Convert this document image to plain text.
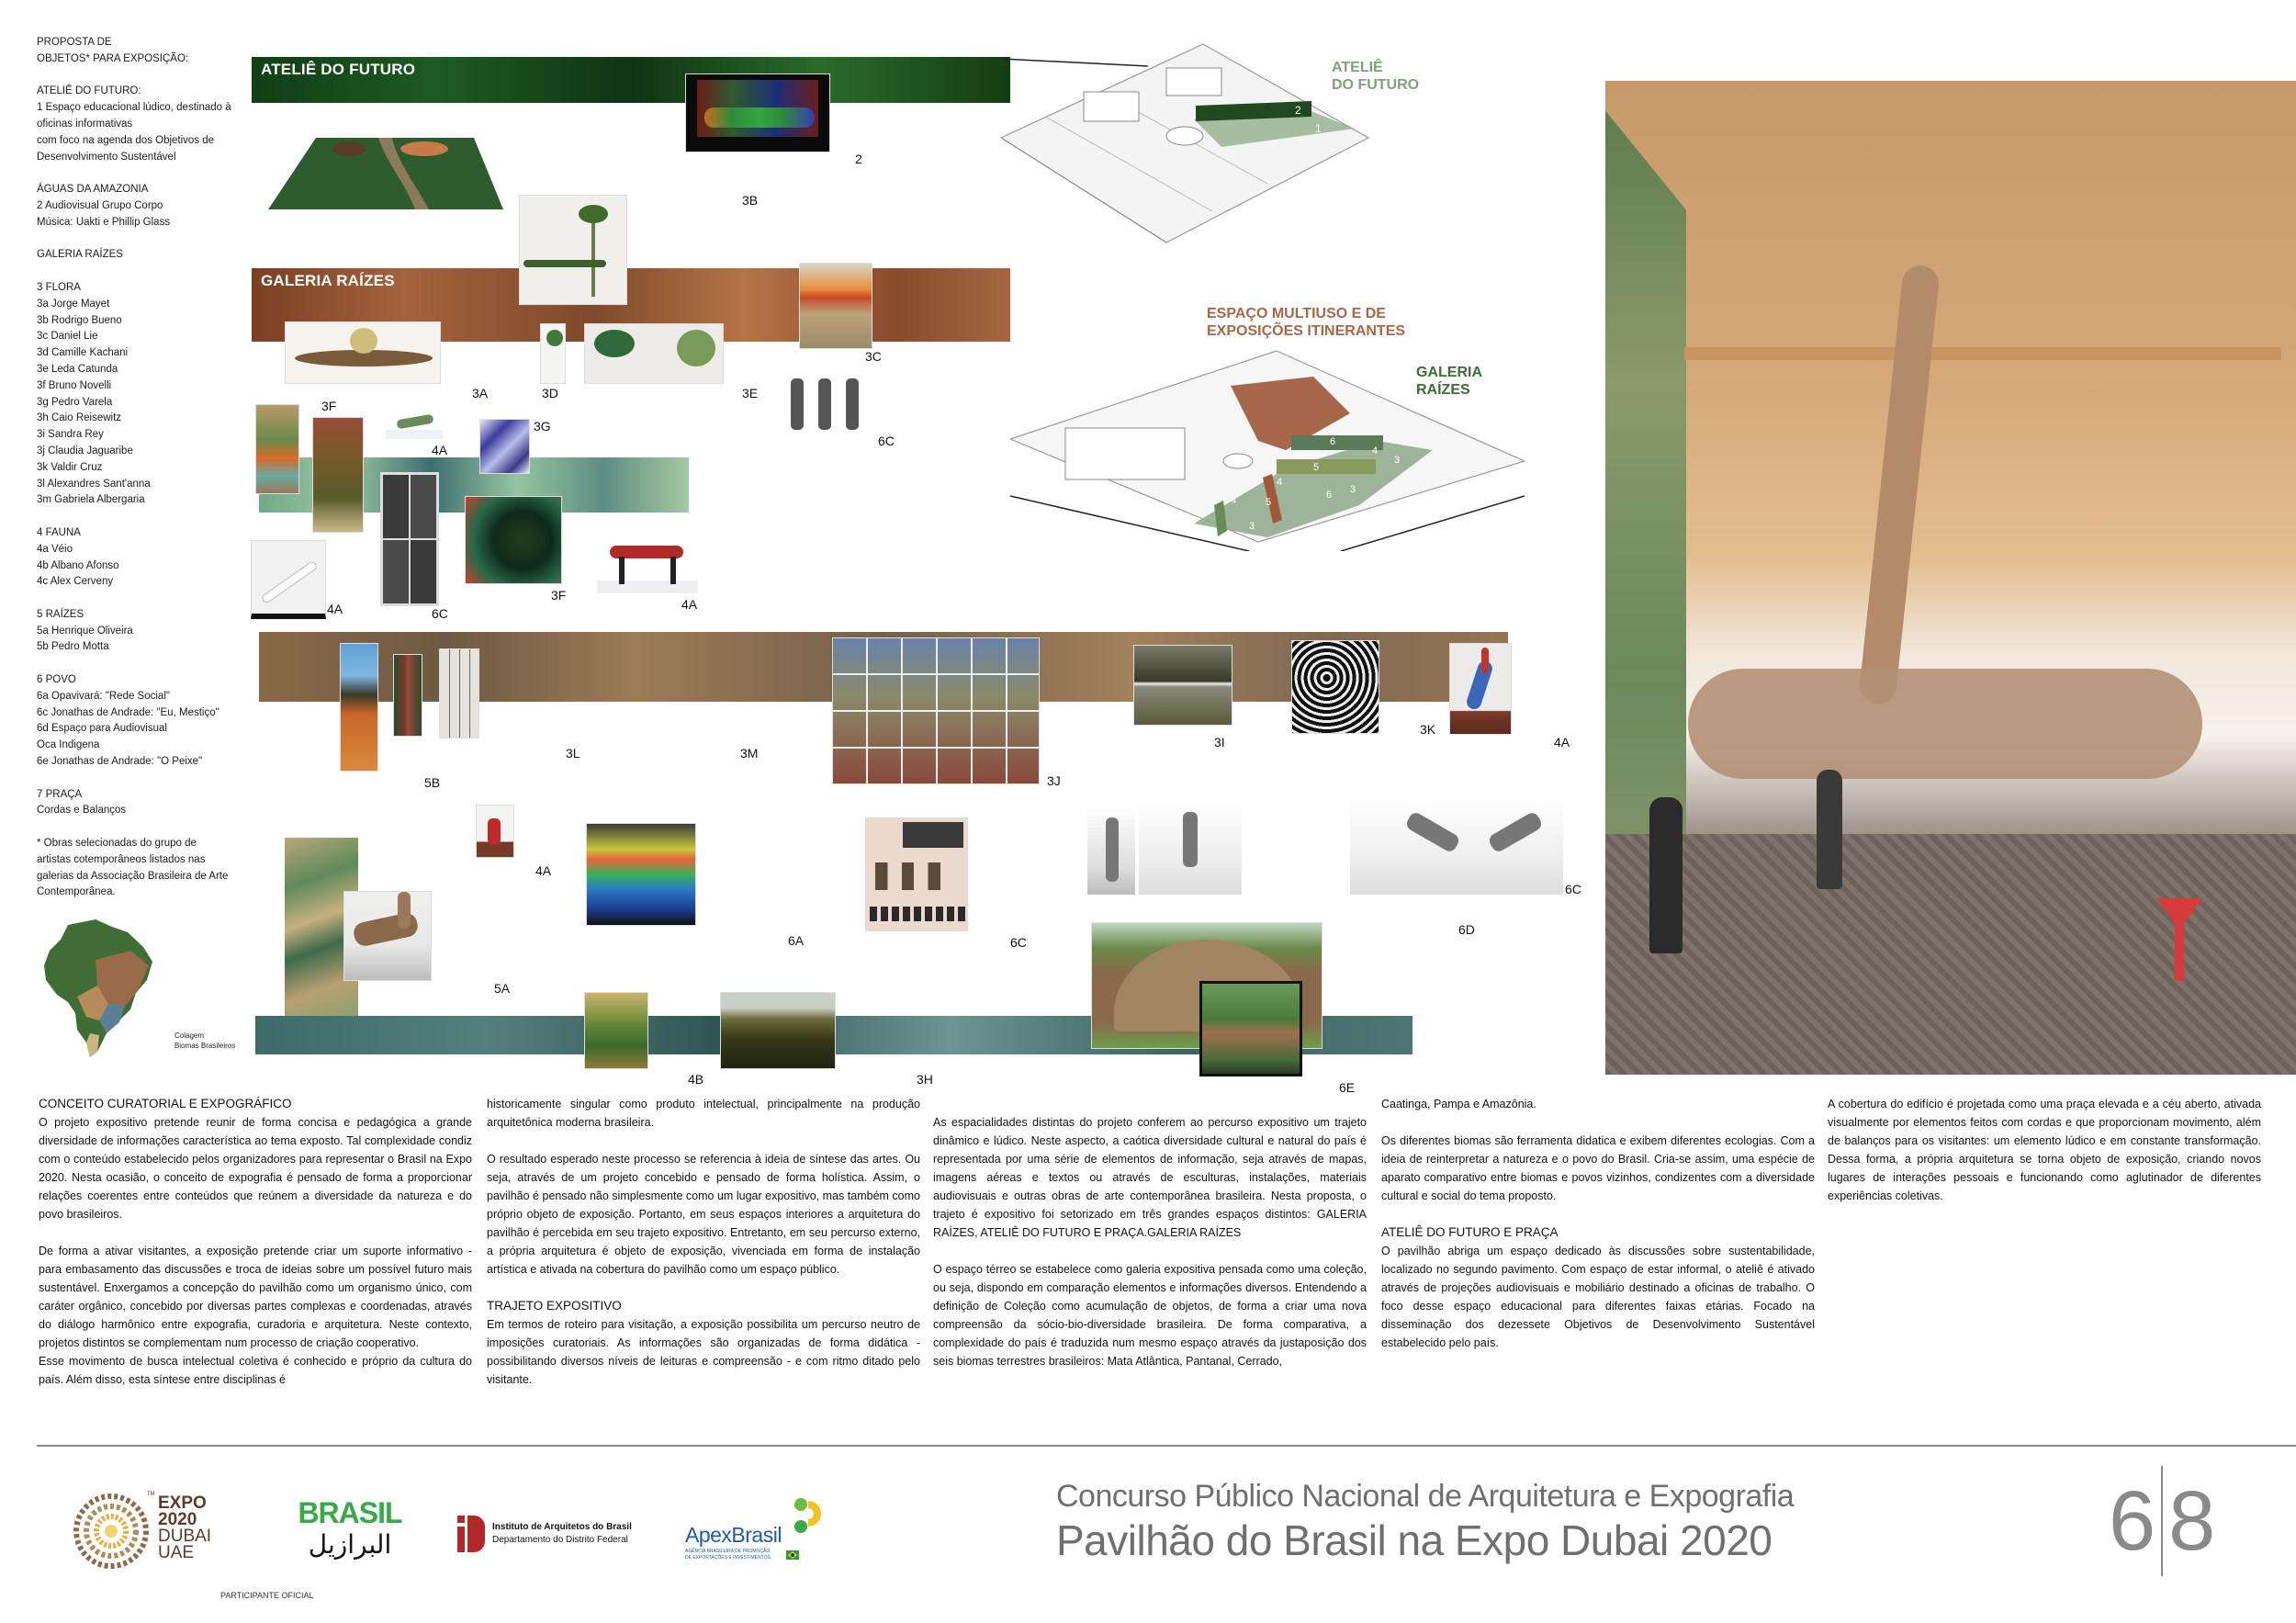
PROPOSTA DE
OBJETOS* PARA EXPOSIÇÃO:
ATELIÊ DO FUTURO:
1 Espaço educacional lúdico, destinado à
oficinas informativas
com foco na agenda dos Objetivos de
Desenvolvimento Sustentável
ÁGUAS DA AMAZONIA
2 Audiovisual Grupo Corpo
Música: Uakti e Phillip Glass
GALERIA RAÍZES
3 FLORA
3a Jorge Mayet
3b Rodrigo Bueno
3c Daniel Lie
3d Camille Kachani
3e Leda Catunda
3f Bruno Novelli
3g Pedro Varela
3h Caio Reisewitz
3i Sandra Rey
3j Claudia Jaguaribe
3k Valdir Cruz
3l Alexandres Sant'anna
3m Gabriela Albergaria
4 FAUNA
4a Véio
4b Albano Afonso
4c Alex Cerveny
5 RAÍZES
5a Henrique Oliveira
5b Pedro Motta
6 POVO
6a Opavivará: "Rede Social"
6c Jonathas de Andrade: "Eu, Mestiço"
6d Espaço para Audiovisual
Oca Indigena
6e Jonathas de Andrade: "O Peixe"
7 PRAÇA
Cordas e Balanços
* Obras selecionadas do grupo de
artistas cotemporâneos listados nas
galerias da Associação Brasileira de Arte
Contemporânea.
Colagem
Biomas Brasileiros
ATELIÊ DO FUTURO
2
GALERIA RAÍZES
3B
3A	3D	3E
3C
6C
3F
4A
3G
6C
3F
4A	4A
5B
3L	3M
3J
3I
3K
4A
4A
6A	6C
6C
5A
4B	3H
6D
6E
2
1
ATELIÊ
DO FUTURO
6
4
3
5
4
6 3
4	5
3
3
ESPAÇO MULTIUSO E DE
EXPOSIÇÕES ITINERANTES
GALERIA
RAÍZES
CONCEITO CURATORIAL E EXPOGRÁFICO

O projeto expositivo pretende reunir de forma concisa e pedagógica a grande diversidade de informações característica ao tema exposto. Tal complexidade condiz com o conteúdo estabelecido pelos organizadores para representar o Brasil na Expo 2020. Nesta ocasião, o conceito de expografia é pensado de forma a proporcionar relações coerentes entre conteúdos que reúnem a diversidade da natureza e do povo brasileiros.

De forma a ativar visitantes, a exposição pretende criar um suporte informativo - para embasamento das discussões e troca de ideias sobre um possível futuro mais sustentável. Enxergamos a concepção do pavilhão como um organismo único, com caráter orgânico, concebido por diversas partes complexas e coordenadas, através do diálogo harmônico entre expografia, curadoria e arquitetura. Neste contexto, projetos distintos se complementam num processo de criação cooperativo.

Esse movimento de busca intelectual coletiva é conhecido e próprio da cultura do país. Além disso, esta síntese entre disciplinas é

historicamente singular como produto intelectual, principalmente na produção arquitetônica moderna brasileira.

O resultado esperado neste processo se referencia à ideia de síntese das artes. Ou seja, através de um projeto concebido e pensado de forma holística. Assim, o pavilhão é pensado não simplesmente como um lugar expositivo, mas também como próprio objeto de exposição. Portanto, em seus espaços interiores a arquitetura do pavilhão é percebida em seu trajeto expositivo. Entretanto, em seu percurso externo, a própria arquitetura é objeto de exposição, vivenciada em forma de instalação artística e ativada na cobertura do pavilhão como um espaço público.

TRAJETO EXPOSITIVO

Em termos de roteiro para visitação, a exposição possibilita um percurso neutro de imposições curatoriais. As informações são organizadas de forma didática - possibilitando diversos níveis de leituras e compreensão - e com ritmo ditado pelo visitante.

As espacialidades distintas do projeto conferem ao percurso expositivo um trajeto dinâmico e lúdico. Neste aspecto, a caótica diversidade cultural e natural do país é representada por uma série de elementos de informação, seja através de mapas, imagens aéreas e textos ou através de esculturas, instalações, materiais audiovisuais e outras obras de arte contemporânea brasileira. Nesta proposta, o trajeto é expositivo foi setorizado em três grandes espaços distintos: GALERIA RAÍZES, ATELIÊ DO FUTURO E PRAÇA.GALERIA RAÍZES

O espaço térreo se estabelece como galeria expositiva pensada como uma coleção, ou seja, dispondo em comparação elementos e informações diversos. Entendendo a definição de Coleção como acumulação de objetos, de forma a criar uma nova compreensão da sócio-bio-diversidade brasileira. De forma comparativa, a complexidade do país é traduzida num mesmo espaço através da justaposição dos seis biomas terrestres brasileiros: Mata Atlântica, Pantanal, Cerrado,

Caatinga, Pampa e Amazônia.

Os diferentes biomas são ferramenta didatica e exibem diferentes ecologias. Com a ideia de reinterpretar a natureza e o povo do Brasil. Cria-se assim, uma espécie de aparato comparativo entre biomas e povos vizinhos, condizentes com a diversidade cultural e social do tema proposto.

ATELIÊ DO FUTURO E PRAÇA

O pavilhão abriga um espaço dedicado às discussões sobre sustentabilidade, localizado no segundo pavimento. Com espaço de estar informal, o ateliê é ativado através de projeções audiovisuais e mobiliário destinado a oficinas de trabalho. O foco desse espaço educacional para diferentes faixas etárias. Focado na disseminação dos dezessete Objetivos de Desenvolvimento Sustentável estabelecido pelo país.

A cobertura do edifício é projetada como uma praça elevada e a céu aberto, ativada visualmente por elementos feitos com cordas e que proporcionam movimento, além de balanços para os visitantes: um elemento lúdico e em constante transformação. Dessa forma, a própria arquitetura se torna objeto de exposição, criando novos lugares de interações pessoais e funcionando como aglutinador de diferentes experiências coletivas.

EXPO
2020
DUBAI
UAE
TM
BRASIL
البرازيل
PARTICIPANTE OFICIAL
Instituto de Arquitetos do Brasil
Departamento do Distrito Federal	ApexBrasil
AGÊNCIA BRASILEIRA DE PROMOÇÃO
DE EXPORTAÇÕES E INVESTIMENTOS
Concurso Público Nacional de Arquitetura e Expografia
Pavilhão do Brasil na Expo Dubai 2020	6 8
